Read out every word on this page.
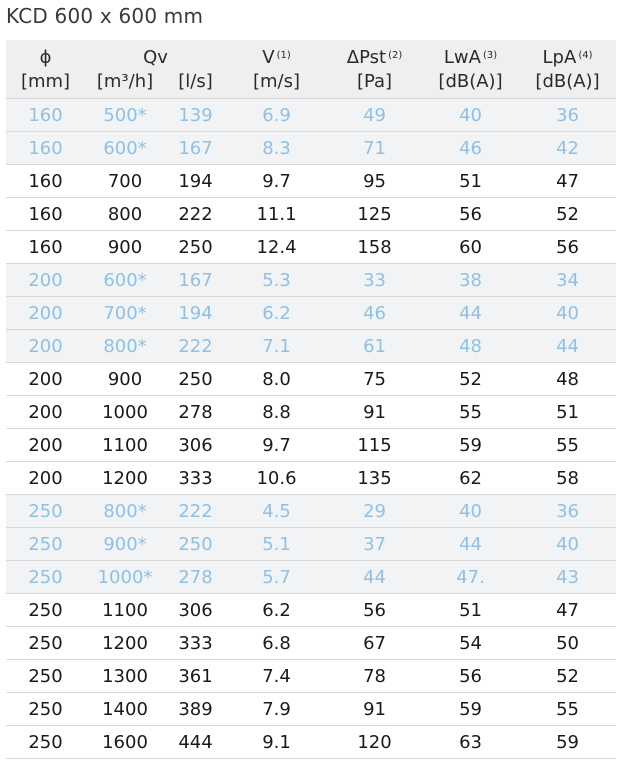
KCD 600 x 600 mm
ϕ	Qv		V $^{(1)}$	ΔPst $^{(2)}$	LwA $^{(3)}$	LpA $^{(4)}$
[mm]	[m³/h]	[l/s]	[m/s]	[Pa]	[dB(A)]	[dB(A)]
160	500*	139	6.9	49	40	36
160	600*	167	8.3	71	46	42
160	700	194	9.7	95	51	47
160	800	222	11.1	125	56	52
160	900	250	12.4	158	60	56
200	600*	167	5.3	33	38	34
200	700*	194	6.2	46	44	40
200	800*	222	7.1	61	48	44
200	900	250	8.0	75	52	48
200	1000	278	8.8	91	55	51
200	1100	306	9.7	115	59	55
200	1200	333	10.6	135	62	58
250	800*	222	4.5	29	40	36
250	900*	250	5.1	37	44	40
250	1000*	278	5.7	44	47.	43
250	1100	306	6.2	56	51	47
250	1200	333	6.8	67	54	50
250	1300	361	7.4	78	56	52
250	1400	389	7.9	91	59	55
250	1600	444	9.1	120	63	59
